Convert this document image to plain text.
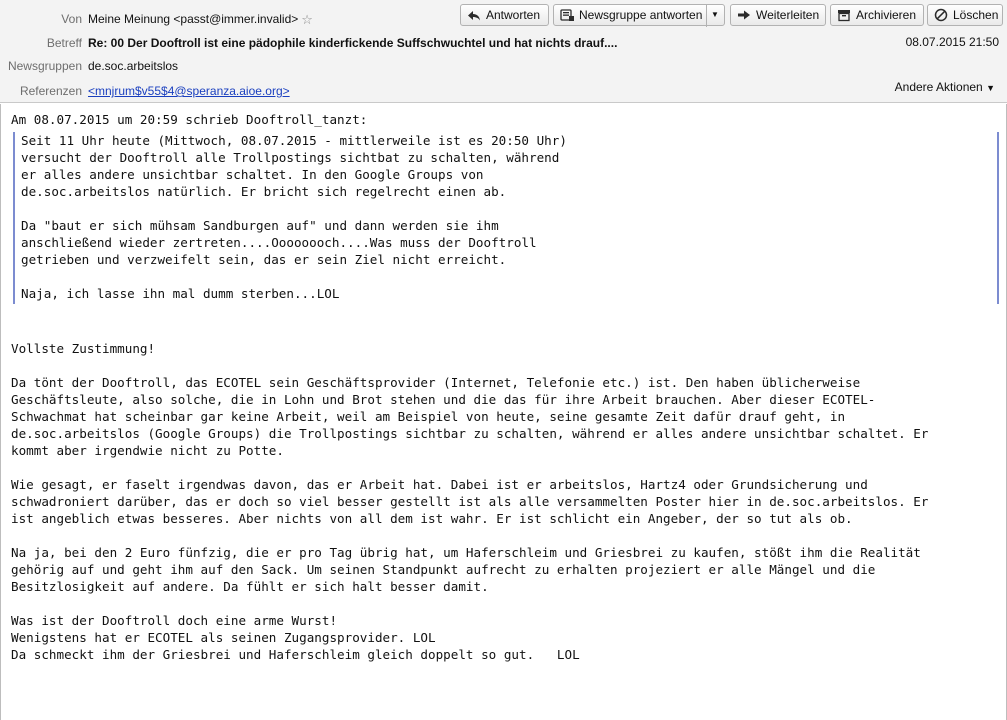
Von Meine Meinung <passt@immer.invalid> ☆
Betreff Re: 00 Der Dooftroll ist eine pädophile kinderfickende Suffschwuchtel und hat nichts drauf....
Newsgruppen de.soc.arbeitslos
Referenzen <mnjrum$v55$4@speranza.aioe.org>
08.07.2015 21:50
Andere Aktionen ▼
Antworten	Newsgruppe antworten ▼	Weiterleiten	Archivieren	Löschen

Am 08.07.2015 um 20:59 schrieb Dooftroll_tanzt:

Seit 11 Uhr heute (Mittwoch, 08.07.2015 - mittlerweile ist es 20:50 Uhr)

versucht der Dooftroll alle Trollpostings sichtbat zu schalten, während

er alles andere unsichtbar schaltet. In den Google Groups von

de.soc.arbeitslos natürlich. Er bricht sich regelrecht einen ab.

Da "baut er sich mühsam Sandburgen auf" und dann werden sie ihm

anschließend wieder zertreten....Oooooooch....Was muss der Dooftroll

getrieben und verzweifelt sein, das er sein Ziel nicht erreicht.

Naja, ich lasse ihn mal dumm sterben...LOL

Vollste Zustimmung!

Da tönt der Dooftroll, das ECOTEL sein Geschäftsprovider (Internet, Telefonie etc.) ist. Den haben üblicherweise

Geschäftsleute, also solche, die in Lohn und Brot stehen und die das für ihre Arbeit brauchen. Aber dieser ECOTEL-

Schwachmat hat scheinbar gar keine Arbeit, weil am Beispiel von heute, seine gesamte Zeit dafür drauf geht, in

de.soc.arbeitslos (Google Groups) die Trollpostings sichtbar zu schalten, während er alles andere unsichtbar schaltet. Er

kommt aber irgendwie nicht zu Potte.

Wie gesagt, er faselt irgendwas davon, das er Arbeit hat. Dabei ist er arbeitslos, Hartz4 oder Grundsicherung und

schwadroniert darüber, das er doch so viel besser gestellt ist als alle versammelten Poster hier in de.soc.arbeitslos. Er

ist angeblich etwas besseres. Aber nichts von all dem ist wahr. Er ist schlicht ein Angeber, der so tut als ob.

Na ja, bei den 2 Euro fünfzig, die er pro Tag übrig hat, um Haferschleim und Griesbrei zu kaufen, stößt ihm die Realität

gehörig auf und geht ihm auf den Sack. Um seinen Standpunkt aufrecht zu erhalten projeziert er alle Mängel und die

Besitzlosigkeit auf andere. Da fühlt er sich halt besser damit.

Was ist der Dooftroll doch eine arme Wurst!

Wenigstens hat er ECOTEL als seinen Zugangsprovider. LOL

Da schmeckt ihm der Griesbrei und Haferschleim gleich doppelt so gut.   LOL
